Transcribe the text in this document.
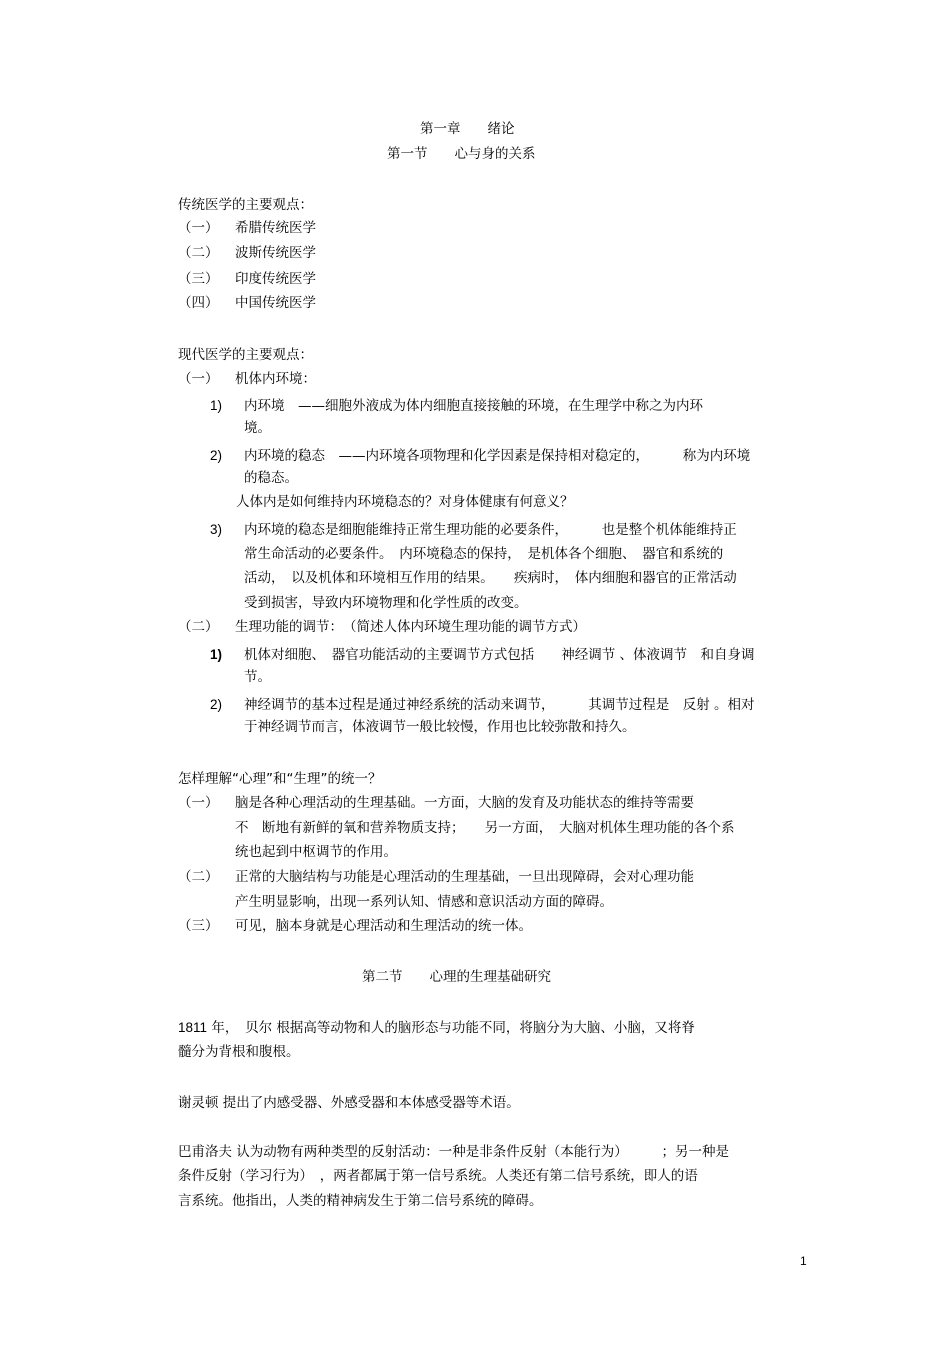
第一章　　绪论
第一节　　心与身的关系
传统医学的主要观点：
（一） 希腊传统医学
（二） 波斯传统医学
（三） 印度传统医学
（四） 中国传统医学
现代医学的主要观点：
（一） 机体内环境：
1) 内环境　——细胞外液成为体内细胞直接接触的环境，在生理学中称之为内环
境。
2) 内环境的稳态　——内环境各项物理和化学因素是保持相对稳定的，　　　称为内环境
的稳态。
人体内是如何维持内环境稳态的？对身体健康有何意义？
3) 内环境的稳态是细胞能维持正常生理功能的必要条件，　　　也是整个机体能维持正
常生命活动的必要条件。　内环境稳态的保持，　是机体各个细胞、　器官和系统的
活动，　以及机体和环境相互作用的结果。　　疾病时，　体内细胞和器官的正常活动
受到损害，导致内环境物理和化学性质的改变。
（二） 生理功能的调节：　（简述人体内环境生理功能的调节方式）
1) 机体对细胞、　器官功能活动的主要调节方式包括　　神经调节 、体液调节　和自身调
节。
2) 神经调节的基本过程是通过神经系统的活动来调节，　　　其调节过程是　反射 。相对
于神经调节而言，体液调节一般比较慢，作用也比较弥散和持久。
怎样理解“心理”和“生理”的统一？
（一） 脑是各种心理活动的生理基础。一方面，大脑的发育及功能状态的维持等需要
不　断地有新鲜的氧和营养物质支持；　　另一方面，　大脑对机体生理功能的各个系
统也起到中枢调节的作用。
（二） 正常的大脑结构与功能是心理活动的生理基础，一旦出现障碍，会对心理功能
产生明显影响，出现一系列认知、情感和意识活动方面的障碍。
（三） 可见，脑本身就是心理活动和生理活动的统一体。
第二节　　心理的生理基础研究
1811 年，　贝尔 根据高等动物和人的脑形态与功能不同，将脑分为大脑、小脑，又将脊
髓分为背根和腹根。
谢灵顿 提出了内感受器、外感受器和本体感受器等术语。
巴甫洛夫 认为动物有两种类型的反射活动：一种是非条件反射（本能行为）　　　；另一种是
条件反射（学习行为）　，两者都属于第一信号系统。人类还有第二信号系统，即人的语
言系统。他指出，人类的精神病发生于第二信号系统的障碍。
1
